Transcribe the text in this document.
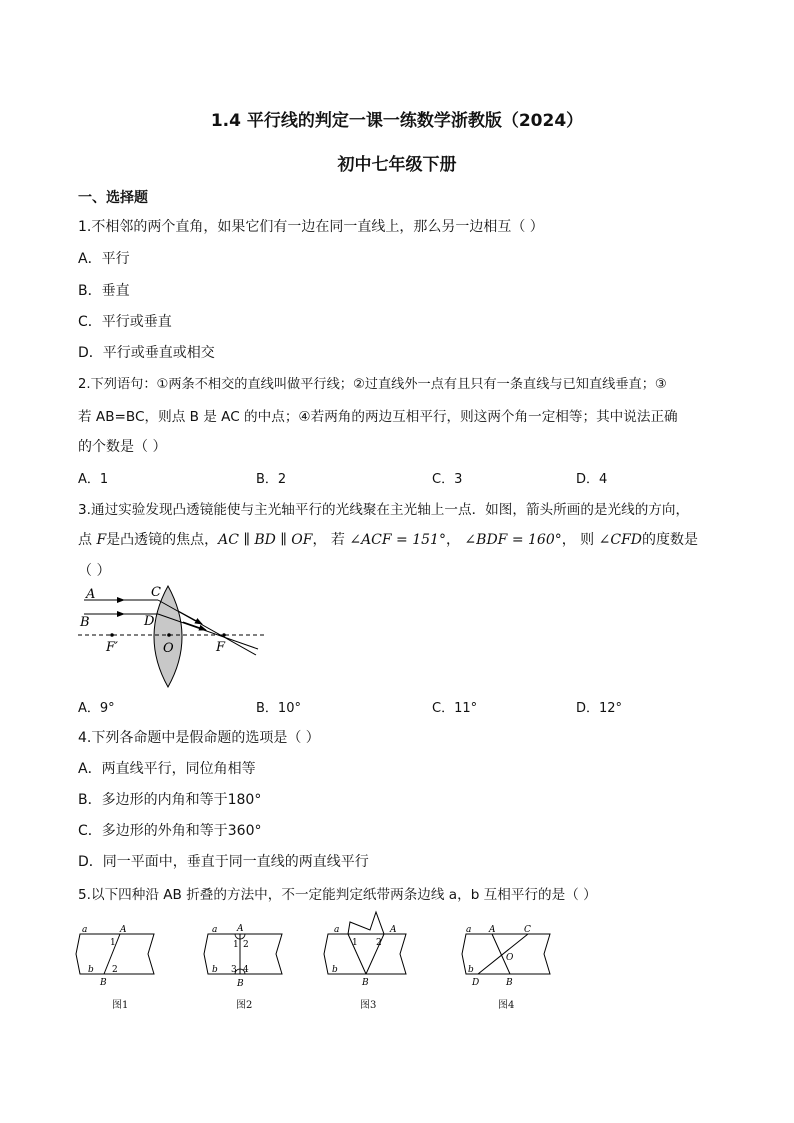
1.4 平行线的判定一课一练数学浙教版（2024）
初中七年级下册
一、选择题
1.不相邻的两个直角，如果它们有一边在同一直线上，那么另一边相互（ ）
A．平行
B．垂直
C．平行或垂直
D．平行或垂直或相交
2.下列语句：①两条不相交的直线叫做平行线；②过直线外一点有且只有一条直线与已知直线垂直；③
若 AB=BC，则点 B 是 AC 的中点；④若两角的两边互相平行，则这两个角一定相等；其中说法正确
的个数是（ ）
A．1	B．2	C．3	D．4
3.通过实验发现凸透镜能使与主光轴平行的光线聚在主光轴上一点．如图，箭头所画的是光线的方向，
点 F是凸透镜的焦点，AC ∥ BD ∥ OF， 若 ∠ACF = 151°， ∠BDF = 160°， 则 ∠CFD的度数是
（ ）
A
B
C
D
F′	O	F
A．9°	B．10°	C．11°	D．12°
4.下列各命题中是假命题的选项是（ ）
A．两直线平行，同位角相等
B．多边形的内角和等于180°
C．多边形的外角和等于360°
D．同一平面中，垂直于同一直线的两直线平行
5.以下四种沿 AB 折叠的方法中，不一定能判定纸带两条边线 a，b 互相平行的是（ ）
a
b
A
B
1
2
图1
a
b
A
B
1 2
3 4
图2
a
b
A
B
1 2
图3
a
b
A	C
D	B
O
图4
